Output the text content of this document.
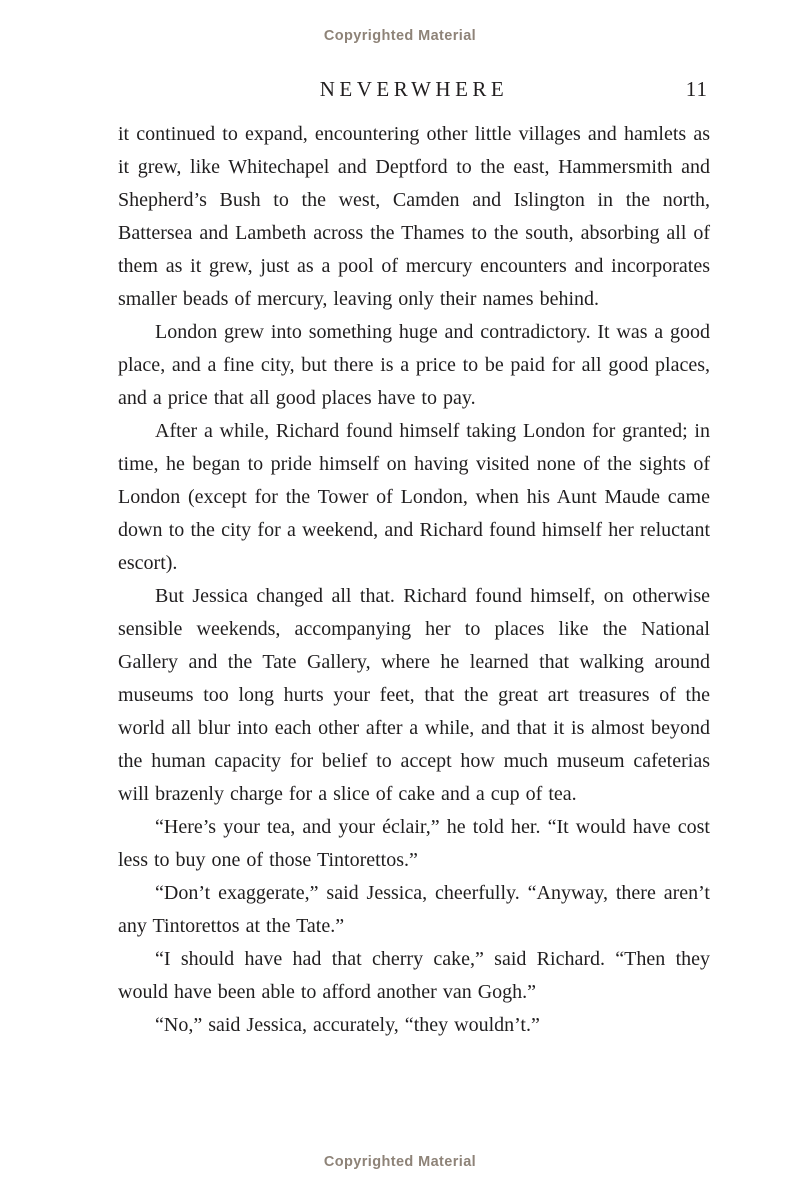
Copyrighted Material
NEVERWHERE	11

it continued to expand, encountering other little villages and hamlets as it grew, like Whitechapel and Deptford to the east, Hammersmith and Shepherd’s Bush to the west, Camden and Islington in the north, Battersea and Lambeth across the Thames to the south, absorbing all of them as it grew, just as a pool of mercury encounters and incorporates smaller beads of mercury, leaving only their names behind.

London grew into something huge and contradictory. It was a good place, and a fine city, but there is a price to be paid for all good places, and a price that all good places have to pay.

After a while, Richard found himself taking London for granted; in time, he began to pride himself on having visited none of the sights of London (except for the Tower of London, when his Aunt Maude came down to the city for a weekend, and Richard found himself her reluctant escort).

But Jessica changed all that. Richard found himself, on otherwise sensible weekends, accompanying her to places like the National Gallery and the Tate Gallery, where he learned that walking around museums too long hurts your feet, that the great art treasures of the world all blur into each other after a while, and that it is almost beyond the human capacity for belief to accept how much museum cafeterias will brazenly charge for a slice of cake and a cup of tea.

“Here’s your tea, and your éclair,” he told her. “It would have cost less to buy one of those Tintorettos.”

“Don’t exaggerate,” said Jessica, cheerfully. “Anyway, there aren’t any Tintorettos at the Tate.”

“I should have had that cherry cake,” said Richard. “Then they would have been able to afford another van Gogh.”

“No,” said Jessica, accurately, “they wouldn’t.”

Copyrighted Material
